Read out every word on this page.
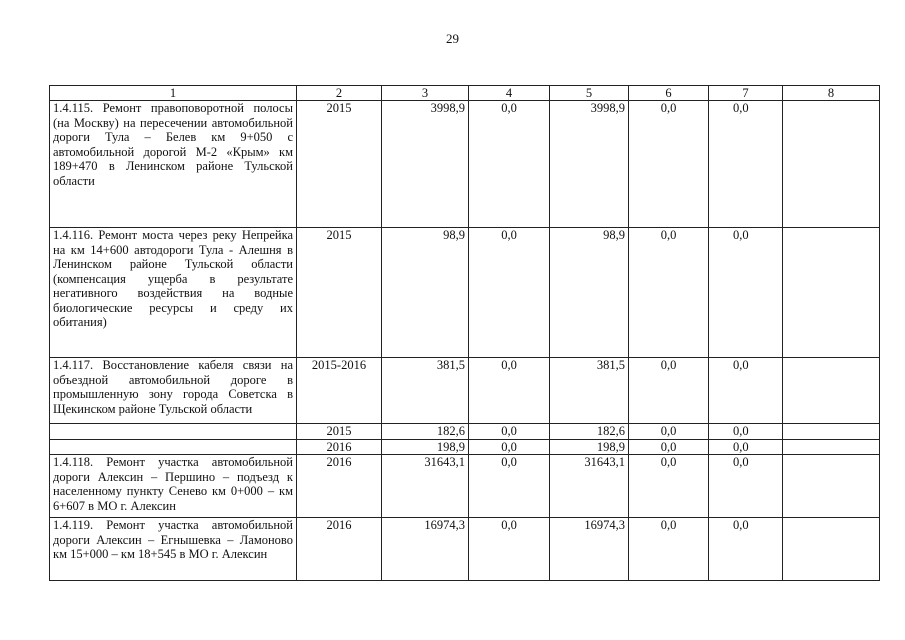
29
1	2	3	4	5	6	7	8
1.4.115. Ремонт правоповоротной полосы (на Москву) на пересечении автомобильной дороги Тула – Белев км 9+050 с автомобильной дорогой М-2 «Крым» км 189+470 в Ленинском районе Тульской области	2015	3998,9	0,0	3998,9	0,0	0,0	
1.4.116. Ремонт моста через реку Непрейка на км 14+600 автодороги Тула - Алешня в Ленинском районе Тульской области (компенсация ущерба в результате негативного воздействия на водные биологические ресурсы и среду их обитания)	2015	98,9	0,0	98,9	0,0	0,0	
1.4.117. Восстановление кабеля связи на объездной автомобильной дороге в промышленную зону города Советска в Щекинском районе Тульской области	2015-2016	381,5	0,0	381,5	0,0	0,0	
	2015	182,6	0,0	182,6	0,0	0,0	
	2016	198,9	0,0	198,9	0,0	0,0	
1.4.118. Ремонт участка автомобильной дороги Алексин – Першино – подъезд к населенному пункту Сенево км 0+000 – км 6+607 в МО г. Алексин	2016	31643,1	0,0	31643,1	0,0	0,0	
1.4.119. Ремонт участка автомобильной дороги Алексин – Егнышевка – Ламоново км 15+000 – км 18+545 в МО г. Алексин	2016	16974,3	0,0	16974,3	0,0	0,0	
